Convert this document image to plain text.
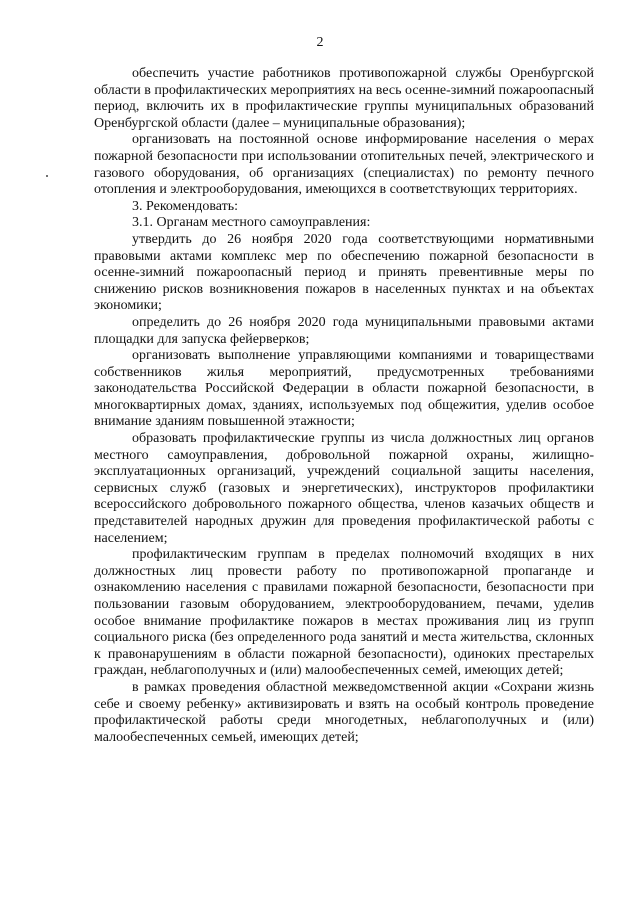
2

обеспечить участие работников противопожарной службы Оренбургской области в профилактических мероприятиях на весь осенне-зимний пожароопасный период, включить их в профилактические группы муниципальных образований Оренбургской области (далее – муниципальные образования);

организовать на постоянной основе информирование населения о мерах пожарной безопасности при использовании отопительных печей, электрического и газового оборудования, об организациях (специалистах) по ремонту печного отопления и электрооборудования, имеющихся в соответствующих территориях.

3. Рекомендовать:

3.1. Органам местного самоуправления:

утвердить до 26 ноября 2020 года соответствующими нормативными правовыми актами комплекс мер по обеспечению пожарной безопасности в осенне-зимний пожароопасный период и принять превентивные меры по снижению рисков возникновения пожаров в населенных пунктах и на объектах экономики;

определить до 26 ноября 2020 года муниципальными правовыми актами площадки для запуска фейерверков;

организовать выполнение управляющими компаниями и товариществами собственников жилья мероприятий, предусмотренных требованиями законодательства Российской Федерации в области пожарной безопасности, в многоквартирных домах, зданиях, используемых под общежития, уделив особое внимание зданиям повышенной этажности;

образовать профилактические группы из числа должностных лиц органов местного самоуправления, добровольной пожарной охраны, жилищно-эксплуатационных организаций, учреждений социальной защиты населения, сервисных служб (газовых и энергетических), инструкторов профилактики всероссийского добровольного пожарного общества, членов казачьих обществ и представителей народных дружин для проведения профилактической работы с населением;

профилактическим группам в пределах полномочий входящих в них должностных лиц провести работу по противопожарной пропаганде и ознакомлению населения с правилами пожарной безопасности, безопасности при пользовании газовым оборудованием, электрооборудованием, печами, уделив особое внимание профилактике пожаров в местах проживания лиц из групп социального риска (без определенного рода занятий и места жительства, склонных к правонарушениям в области пожарной безопасности), одиноких престарелых граждан, неблагополучных и (или) малообеспеченных семей, имеющих детей;

в рамках проведения областной межведомственной акции «Сохрани жизнь себе и своему ребенку» активизировать и взять на особый контроль проведение профилактической работы среди многодетных, неблагополучных и (или) малообеспеченных семьей, имеющих детей;
